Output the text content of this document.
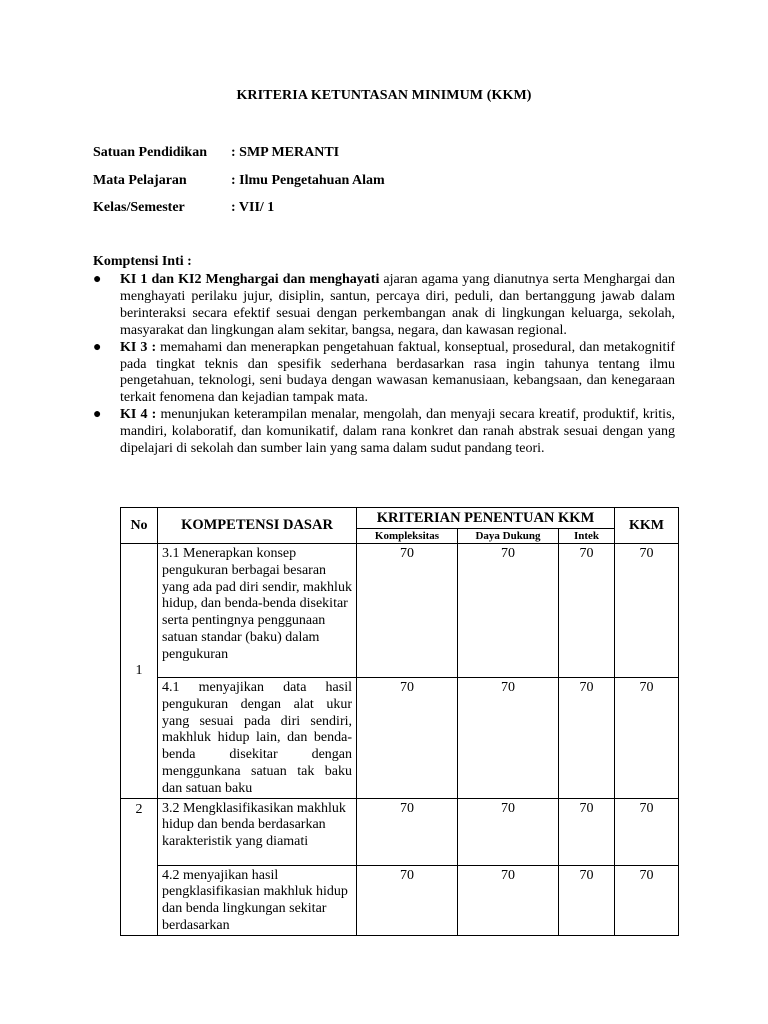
KRITERIA KETUNTASAN MINIMUM (KKM)
Satuan Pendidikan : SMP MERANTI
Mata Pelajaran	: Ilmu Pengetahuan Alam
Kelas/Semester	: VII/ 1
Komptensi Inti :
● KI 1 dan KI2 Menghargai dan menghayati ajaran agama yang dianutnya serta Menghargai dan menghayati perilaku jujur, disiplin, santun, percaya diri, peduli, dan bertanggung jawab dalam berinteraksi secara efektif sesuai dengan perkembangan anak di lingkungan keluarga, sekolah, masyarakat dan lingkungan alam sekitar, bangsa, negara, dan kawasan regional.
● KI 3 : memahami dan menerapkan pengetahuan faktual, konseptual, prosedural, dan metakognitif pada tingkat teknis dan spesifik sederhana berdasarkan rasa ingin tahunya tentang ilmu pengetahuan, teknologi, seni budaya dengan wawasan kemanusiaan, kebangsaan, dan kenegaraan terkait fenomena dan kejadian tampak mata.
● KI 4 : menunjukan keterampilan menalar, mengolah, dan menyaji secara kreatif, produktif, kritis, mandiri, kolaboratif, dan komunikatif, dalam rana konkret dan ranah abstrak sesuai dengan yang dipelajari di sekolah dan sumber lain yang sama dalam sudut pandang teori.
No	KOMPETENSI DASAR	KRITERIAN PENENTUAN KKM			KKM
		Kompleksitas	Daya Dukung	Intek	
1	3.1 Menerapkan konsep pengukuran berbagai besaran yang ada pad diri sendir, makhluk hidup, dan benda-benda disekitar serta pentingnya penggunaan satuan standar (baku) dalam pengukuran	70	70	70	70
	4.1 menyajikan data hasil pengukuran dengan alat ukur yang sesuai pada diri sendiri, makhluk hidup lain, dan benda-benda disekitar dengan menggunkana satuan tak baku dan satuan baku	70	70	70	70
2	3.2 Mengklasifikasikan makhluk hidup dan benda berdasarkan karakteristik yang diamati	70	70	70	70
	4.2 menyajikan hasil pengklasifikasian makhluk hidup dan benda lingkungan sekitar berdasarkan	70	70	70	70
